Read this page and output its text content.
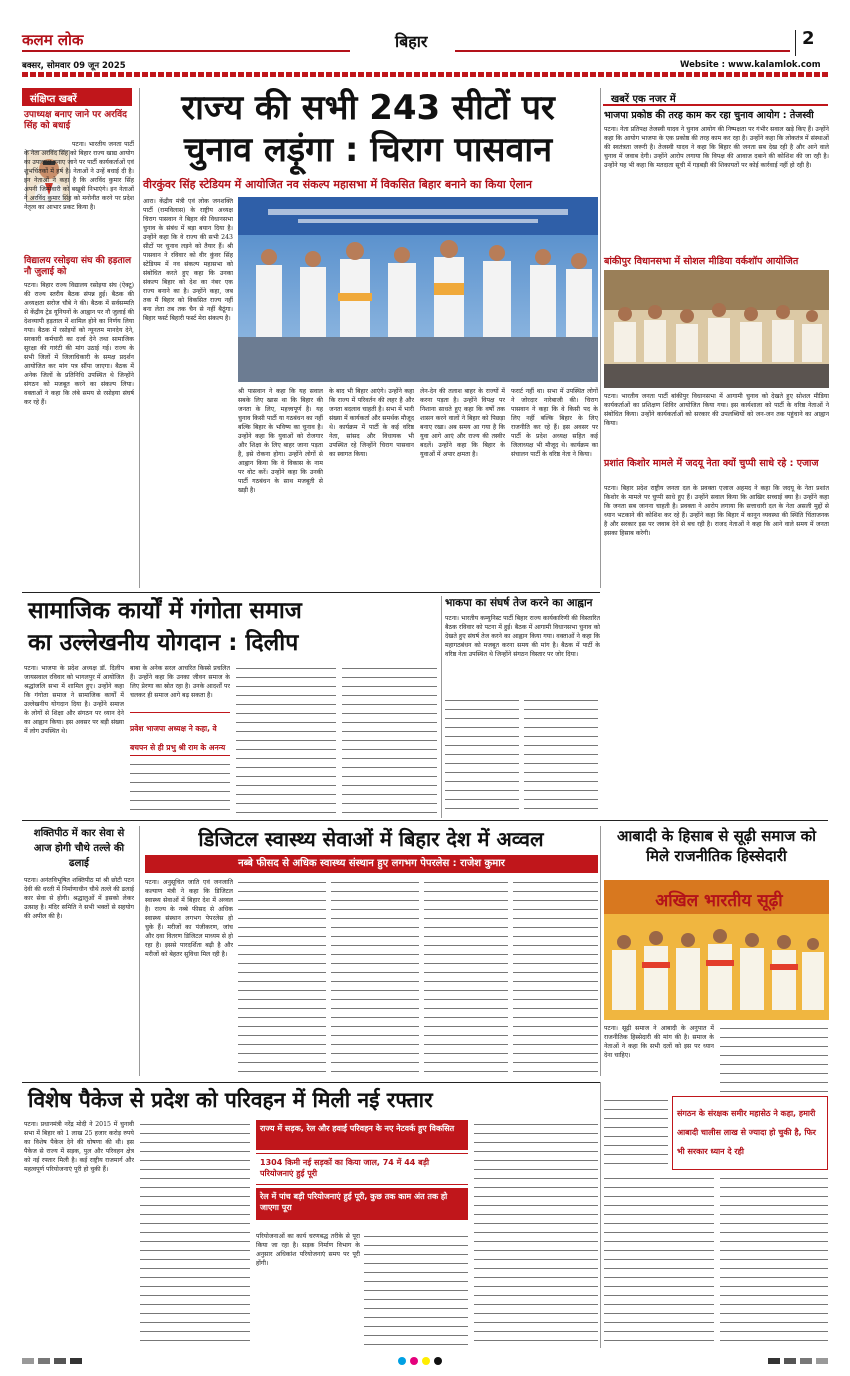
कलम लोक	बिहार	2
बक्सर, सोमवार 09 जून 2025	Website : www.kalamlok.com
संक्षिप्त खबरें
उपाध्यक्ष बनाए जाने पर अरविंद सिंह को बधाई
पटना। भारतीय जनता पार्टी के नेता अरविंद सिंह को बिहार राज्य खाद्य आयोग का उपाध्यक्ष बनाए जाने पर पार्टी कार्यकर्ताओं एवं शुभचिंतकों में हर्ष है। नेताओं ने उन्हें बधाई दी है। इन नेताओं ने कहा है कि अरविंद कुमार सिंह अपनी जिम्मेवारी को बखूबी निभाएंगे। इन नेताओं ने अरविंद कुमार सिंह को मनोनीत करने पर प्रदेश नेतृत्व का आभार प्रकट किया है।
विद्यालय रसोइया संघ की हड़ताल नौ जुलाई को
पटना। बिहार राज्य विद्यालय रसोइया संघ (ऐक्टू) की राज्य स्तरीय बैठक संपन्न हुई। बैठक की अध्यक्षता सरोज चौबे ने की। बैठक में सर्वसम्मति से केंद्रीय ट्रेड यूनियनों के आह्वान पर नौ जुलाई की देशव्यापी हड़ताल में शामिल होने का निर्णय लिया गया। बैठक में रसोइयों को न्यूनतम मानदेय देने, सरकारी कर्मचारी का दर्जा देने तथा सामाजिक सुरक्षा की गारंटी की मांग उठाई गई। राज्य के सभी जिलों में जिलाधिकारी के समक्ष प्रदर्शन आयोजित कर मांग पत्र सौंपा जाएगा। बैठक में अनेक जिलों के प्रतिनिधि उपस्थित थे जिन्होंने संगठन को मजबूत करने का संकल्प लिया। वक्ताओं ने कहा कि लंबे समय से रसोइया संघर्ष कर रहे हैं।
राज्य की सभी 243 सीटों पर
चुनाव लड़ूंगा : चिराग पासवान
वीरकुंवर सिंह स्टेडियम में आयोजित नव संकल्प महासभा में विकसित बिहार बनाने का किया ऐलान
आरा। केंद्रीय मंत्री एवं लोक जनशक्ति पार्टी (रामविलास) के राष्ट्रीय अध्यक्ष चिराग पासवान ने बिहार की विधानसभा चुनाव के संबंध में बड़ा बयान दिया है। उन्होंने कहा कि वे राज्य की सभी 243 सीटों पर चुनाव लड़ने को तैयार हैं। श्री पासवान ने रविवार को वीर कुंवर सिंह स्टेडियम में नव संकल्प महासभा को संबोधित करते हुए कहा कि उनका संकल्प बिहार को देश का नंबर एक राज्य बनाने का है। उन्होंने कहा, जब तक मैं बिहार को विकसित राज्य नहीं बना लेता तब तक चैन से नहीं बैठूंगा। बिहार फर्स्ट बिहारी फर्स्ट मेरा संकल्प है।
श्री पासवान ने कहा कि यह सवाल सबके लिए खास था कि बिहार की जनता के लिए, महत्त्वपूर्ण है। यह चुनाव किसी पार्टी या गठबंधन का नहीं बल्कि बिहार के भविष्य का चुनाव है। उन्होंने कहा कि युवाओं को रोजगार और शिक्षा के लिए बाहर जाना पड़ता है, इसे रोकना होगा। उन्होंने लोगों से आह्वान किया कि वे विकास के नाम पर वोट करें। उन्होंने कहा कि उनकी पार्टी गठबंधन के साथ मजबूती से खड़ी है।
के बाद भी बिहार आएंगे। उन्होंने कहा कि राज्य में परिवर्तन की लहर है और जनता बदलाव चाहती है। सभा में भारी संख्या में कार्यकर्ता और समर्थक मौजूद थे। कार्यक्रम में पार्टी के कई वरिष्ठ नेता, सांसद और विधायक भी उपस्थित रहे जिन्होंने चिराग पासवान का स्वागत किया।
लेन-देन की तलाश बाहर के राज्यों में करना पड़ता है। उन्होंने विपक्ष पर निशाना साधते हुए कहा कि वर्षों तक शासन करने वालों ने बिहार को पिछड़ा बनाए रखा। अब समय आ गया है कि युवा आगे आएं और राज्य की तस्वीर बदलें। उन्होंने कहा कि बिहार के युवाओं में अपार क्षमता है।
फरार्ट नहीं था। सभा में उपस्थित लोगों ने जोरदार नारेबाजी की। चिराग पासवान ने कहा कि वे किसी पद के लिए नहीं बल्कि बिहार के लिए राजनीति कर रहे हैं। इस अवसर पर पार्टी के प्रदेश अध्यक्ष सहित कई जिलाध्यक्ष भी मौजूद थे। कार्यक्रम का संचालन पार्टी के वरिष्ठ नेता ने किया।
खबरें एक नजर में
भाजपा प्रकोष्ठ की तरह काम कर रहा चुनाव आयोग : तेजस्वी
पटना। नेता प्रतिपक्ष तेजस्वी यादव ने चुनाव आयोग की निष्पक्षता पर गंभीर सवाल खड़े किए हैं। उन्होंने कहा कि आयोग भाजपा के एक प्रकोष्ठ की तरह काम कर रहा है। उन्होंने कहा कि लोकतंत्र में संस्थाओं की स्वतंत्रता जरूरी है। तेजस्वी यादव ने कहा कि बिहार की जनता सब देख रही है और आने वाले चुनाव में जवाब देगी। उन्होंने आरोप लगाया कि विपक्ष की आवाज दबाने की कोशिश की जा रही है। उन्होंने यह भी कहा कि मतदाता सूची में गड़बड़ी की शिकायतों पर कोई कार्रवाई नहीं हो रही है।
बांकीपुर विधानसभा में सोशल मीडिया वर्कशॉप आयोजित
पटना। भारतीय जनता पार्टी बांकीपुर विधानसभा में आगामी चुनाव को देखते हुए सोशल मीडिया कार्यकर्ताओं का प्रशिक्षण शिविर आयोजित किया गया। इस कार्यशाला को पार्टी के वरिष्ठ नेताओं ने संबोधित किया। उन्होंने कार्यकर्ताओं को सरकार की उपलब्धियों को जन-जन तक पहुंचाने का आह्वान किया।
प्रशांत किशोर मामले में जदयू नेता क्यों चुप्पी साधे रहे : एजाज
पटना। बिहार प्रदेश राष्ट्रीय जनता दल के प्रवक्ता एजाज अहमद ने कहा कि जदयू के नेता प्रशांत किशोर के मामले पर चुप्पी साधे हुए हैं। उन्होंने सवाल किया कि आखिर सच्चाई क्या है। उन्होंने कहा कि जनता सब जानना चाहती है। प्रवक्ता ने आरोप लगाया कि सत्ताधारी दल के नेता असली मुद्दों से ध्यान भटकाने की कोशिश कर रहे हैं। उन्होंने कहा कि बिहार में कानून व्यवस्था की स्थिति चिंताजनक है और सरकार इस पर जवाब देने से बच रही है। राजद नेताओं ने कहा कि आने वाले समय में जनता इसका हिसाब करेगी।
सामाजिक कार्यों में गंगोता समाज
का उल्लेखनीय योगदान : दिलीप
पटना। भाजपा के प्रदेश अध्यक्ष डॉ. दिलीप जायसवाल रविवार को भागलपुर में आयोजित श्रद्धांजलि सभा में शामिल हुए। उन्होंने कहा कि गंगोता समाज ने सामाजिक कार्यों में उल्लेखनीय योगदान दिया है। उन्होंने समाज के लोगों से शिक्षा और संगठन पर ध्यान देने का आह्वान किया। इस अवसर पर बड़ी संख्या में लोग उपस्थित थे।
बाबा के अनेक सरल आचरित किस्से प्रचलित हैं। उन्होंने कहा कि उनका जीवन समाज के लिए प्रेरणा का स्रोत रहा है। उनके आदर्शों पर चलकर ही समाज आगे बढ़ सकता है।
प्रवेश भाजपा अध्यक्ष ने कहा, वे बचपन से ही प्रभु श्री राम के अनन्य
भाकपा का संघर्ष तेज करने का आह्वान
पटना। भारतीय कम्युनिस्ट पार्टी बिहार राज्य कार्यकारिणी की विस्तारित बैठक रविवार को पटना में हुई। बैठक में आगामी विधानसभा चुनाव को देखते हुए संघर्ष तेज करने का आह्वान किया गया। वक्ताओं ने कहा कि महागठबंधन को मजबूत करना समय की मांग है। बैठक में पार्टी के वरिष्ठ नेता उपस्थित थे जिन्होंने संगठन विस्तार पर जोर दिया।
शक्तिपीठ में कार सेवा से आज होगी चौथे तल्ले की ढलाई
पटना। अनंतविभूषित शक्तिपीठ मां श्री छोटी पटन देवी की धरती में निर्माणाधीन चौथे तल्ले की ढलाई कार सेवा से होगी। श्रद्धालुओं में इसको लेकर उत्साह है। मंदिर समिति ने सभी भक्तों से सहयोग की अपील की है।
डिजिटल स्वास्थ्य सेवाओं में बिहार देश में अव्वल
नब्बे फीसद से अधिक स्वास्थ्य संस्थान हुए लगभग पेपरलेस : राजेश कुमार
पटना। अनुसूचित जाति एवं जनजाति कल्याण मंत्री ने कहा कि डिजिटल स्वास्थ्य सेवाओं में बिहार देश में अव्वल है। राज्य के नब्बे फीसद से अधिक स्वास्थ्य संस्थान लगभग पेपरलेस हो चुके हैं। मरीजों का पंजीकरण, जांच और दवा वितरण डिजिटल माध्यम से हो रहा है। इससे पारदर्शिता बढ़ी है और मरीजों को बेहतर सुविधा मिल रही है।
आबादी के हिसाब से सूढ़ी समाज को मिले राजनीतिक हिस्सेदारी
अखिल भारतीय सूढ़ी
पटना। सूढ़ी समाज ने आबादी के अनुपात में राजनीतिक हिस्सेदारी की मांग की है। समाज के नेताओं ने कहा कि सभी दलों को इस पर ध्यान देना चाहिए।
संगठन के संरक्षक समीर महासेठ ने कहा, हमारी आबादी चालीस लाख से ज्यादा हो चुकी है, फिर भी सरकार ध्यान दे रही
विशेष पैकेज से प्रदेश को परिवहन में मिली नई रफ्तार
पटना। प्रधानमंत्री नरेंद्र मोदी ने 2015 में चुनावी सभा में बिहार को 1 लाख 25 हजार करोड़ रुपये का विशेष पैकेज देने की घोषणा की थी। इस पैकेज से राज्य में सड़क, पुल और परिवहन क्षेत्र को नई रफ्तार मिली है। कई राष्ट्रीय राजमार्ग और महत्वपूर्ण परियोजनाएं पूरी हो चुकी हैं।
राज्य में सड़क, रेल और हवाई परिवहन के नए नेटवर्क हुए विकसित
1304 किमी नई सड़कों का किया जाल, 74 में 44 बड़ी परियोजनाएं हुई पूरी
रेल में पांच बड़ी परियोजनाएं हुई पूरी, कुछ तक काम अंत तक हो जाएगा पूरा
परियोजनाओं का कार्य चरणबद्ध तरीके से पूरा किया जा रहा है। सड़क निर्माण विभाग के अनुसार अधिकांश परियोजनाएं समय पर पूरी होंगी।
